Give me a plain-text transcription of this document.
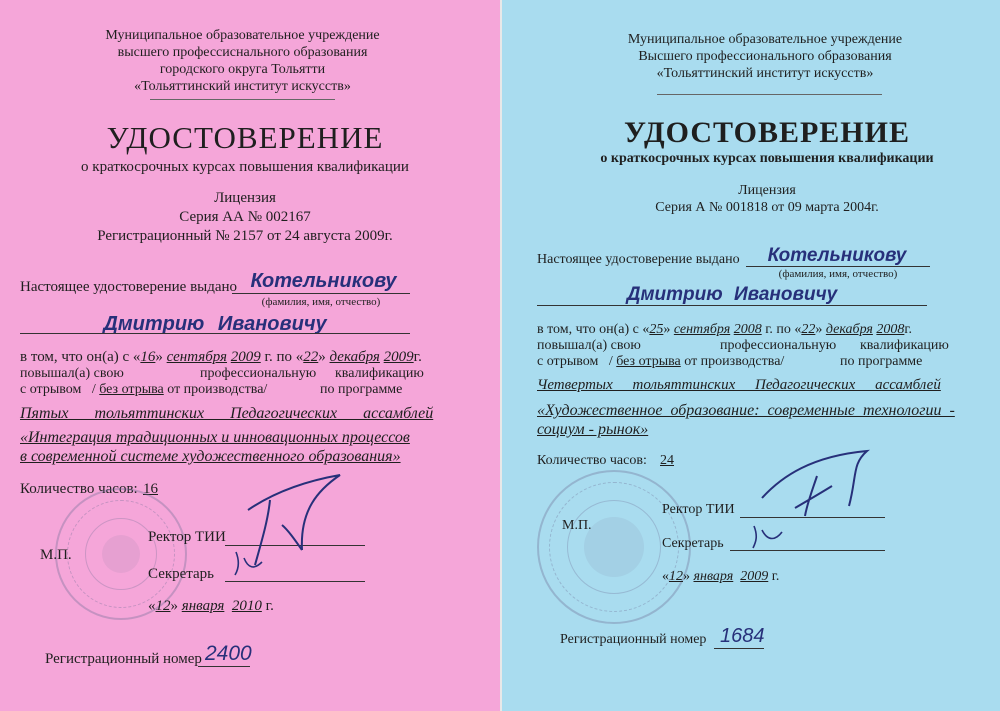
Муниципальное образовательное учреждение
высшего профессиснального образования
городского округа Тольятти
«Тольяттинский институт искусств»
УДОСТОВЕРЕНИЕ
о краткосрочных курсах повышения квалификации
Лицензия
Серия АА № 002167
Регистрационный № 2157 от 24 августа 2009г.
Настоящее удостоверение выдано Котельникову
(фамилия, имя, отчество)
Дмитрию Ивановичу
в том, что он(а) с «16» сентября 2009 г. по «22» декабря 2009г.
повышал(а) свою	профессиональную квалификацию
с отрывом / без отрыва от производства/	по программе
Пятых тольяттинских Педагогических ассамблей
«Интеграция традиционных и инновационных процессов
в современной системе художественного образования»
Количество часов: 16
Ректор ТИИ
М.П.
Секретарь
«12» января 2010 г.
Регистрационный номер 2400
Муниципальное образовательное учреждение
Высшего профессионального образования
«Тольяттинский институт искусств»
УДОСТОВЕРЕНИЕ
о краткосрочных курсах повышения квалификации
Лицензия
Серия А № 001818 от 09 марта 2004г.
Настоящее удостоверение выдано	Котельникову
(фамилия, имя, отчество)
Дмитрию Ивановичу
в том, что он(а) с «25» сентября 2008 г. по «22» декабря 2008г.
повышал(а) свою	профессиональную квалификацию
с отрывом / без отрыва от производства/	по программе
Четвертых тольяттинских Педагогических ассамблей
«Художественное образование: современные технологии -
социум - рынок»
Количество часов: 24
Ректор ТИИ
М.П.
Секретарь
«12» января 2009 г.
Регистрационный номер 1684
